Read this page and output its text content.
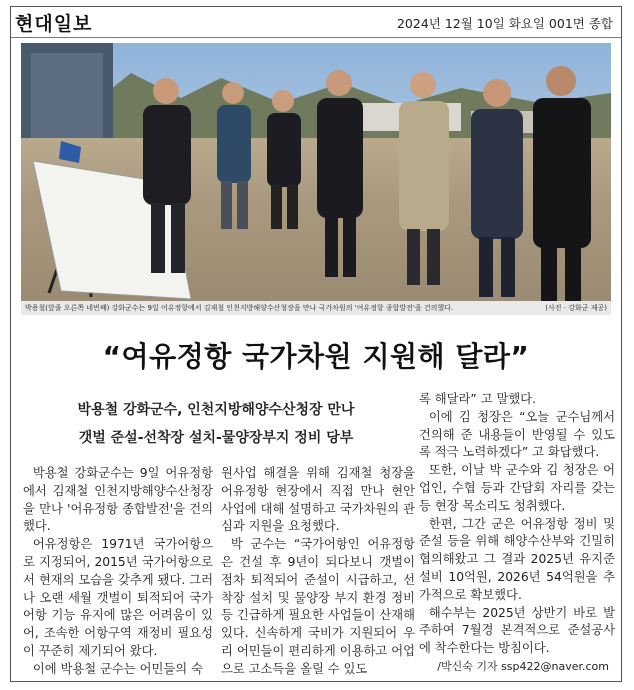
현대일보	2024년 12월 10일 화요일 001면 종합
박용철(앞줄 오른쪽 네번째) 강화군수는 9일 어유정항에서 김재철 인천지방해양수산청장을 만나 국가차원의 '여유정항 종합발전'을 건의했다.	(사진 · 강화군 제공)
“여유정항 국가차원 지원해 달라”
박용철 강화군수, 인천지방해양수산청장 만나
갯벌 준설-선착장 설치-물양장부지 정비 당부

박용철 강화군수는 9일 어유정항에서 김재철 인천지방해양수산청장을 만나 '어유정항 종합발전'을 건의했다.

어유정항은 1971년 국가어항으로 지정되어, 2015년 국가어항으로서 현재의 모습을 갖추게 됐다. 그러나 오랜 세월 갯벌이 퇴적되어 국가어항 기능 유지에 많은 어려움이 있어, 조속한 어항구역 재정비 필요성이 꾸준히 제기되어 왔다.

이에 박용철 군수는 어민들의 숙

원사업 해결을 위해 김재철 청장을 어유정항 현장에서 직접 만나 현안 사업에 대해 설명하고 국가차원의 관심과 지원을 요청했다.

박 군수는 “국가어항인 어유정항은 건설 후 9년이 되다보니 갯벌이 점차 퇴적되어 준설이 시급하고, 선착장 설치 및 물양장 부지 환경 정비 등 긴급하게 필요한 사업들이 산재해있다. 신속하게 국비가 지원되어 우리 어민들이 편리하게 이용하고 어업으로 고소득을 올릴 수 있도

록 해달라” 고 말했다.

이에 김 청장은 “오늘 군수님께서 건의해 준 내용들이 반영될 수 있도록 적극 노력하겠다” 고 화답했다.

또한, 이날 박 군수와 김 청장은 어업인, 수협 등과 간담회 자리를 갖는등 현장 목소리도 청취했다.

한편, 그간 군은 어유정항 정비 및 준설 등을 위해 해양수산부와 긴밀히 협의해왔고 그 결과 2025년 유지준설비 10억원, 2026년 54억원을 추가적으로 확보했다.

해수부는 2025년 상반기 바로 발주하여 7월경 본격적으로 준설공사에 착수한다는 방침이다.

/박신숙 기자 ssp422@naver.com
